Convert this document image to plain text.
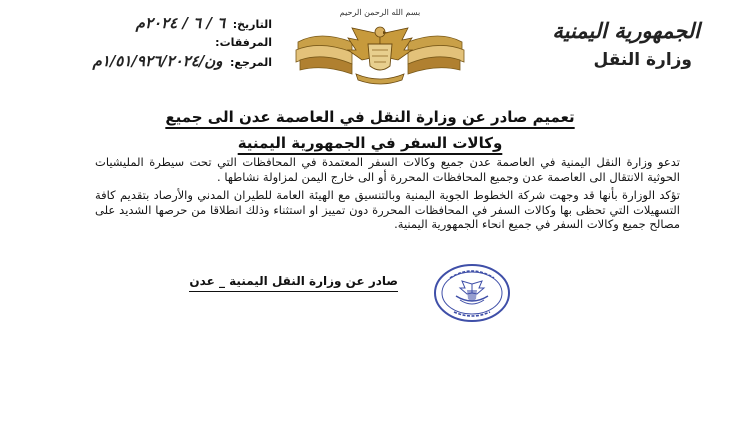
الجمهورية اليمنية
وزارة النقل
بسم الله الرحمن الرحيم
التاريخ: ٦ / ٦ / ٢٠٢٤م
المرفقات:
المرجع: ون/١/٥١/٩٢٦/٢٠٢٤م
تعميم صادر عن وزارة النقل في العاصمة عدن الى جميع
وكالات السفر في الجمهورية اليمنية
تدعو وزارة النقل اليمنية في العاصمة عدن جميع وكالات السفر المعتمدة في المحافظات التي تحت سيطرة المليشيات الحوثية الانتقال الى العاصمة عدن وجميع المحافظات المحررة أو الى خارج اليمن لمزاولة نشاطها .
تؤكد الوزارة بأنها قد وجهت شركة الخطوط الجوية اليمنية وبالتنسيق مع الهيئة العامة للطيران المدني والأرصاد بتقديم كافة التسهيلات التي تحظى بها وكالات السفر في المحافظات المحررة دون تمييز او استثناء وذلك انطلاقا من حرصها الشديد على مصالح جميع وكالات السفر في جميع انحاء الجمهورية اليمنية.
صادر عن وزارة النقل اليمنية _ عدن
